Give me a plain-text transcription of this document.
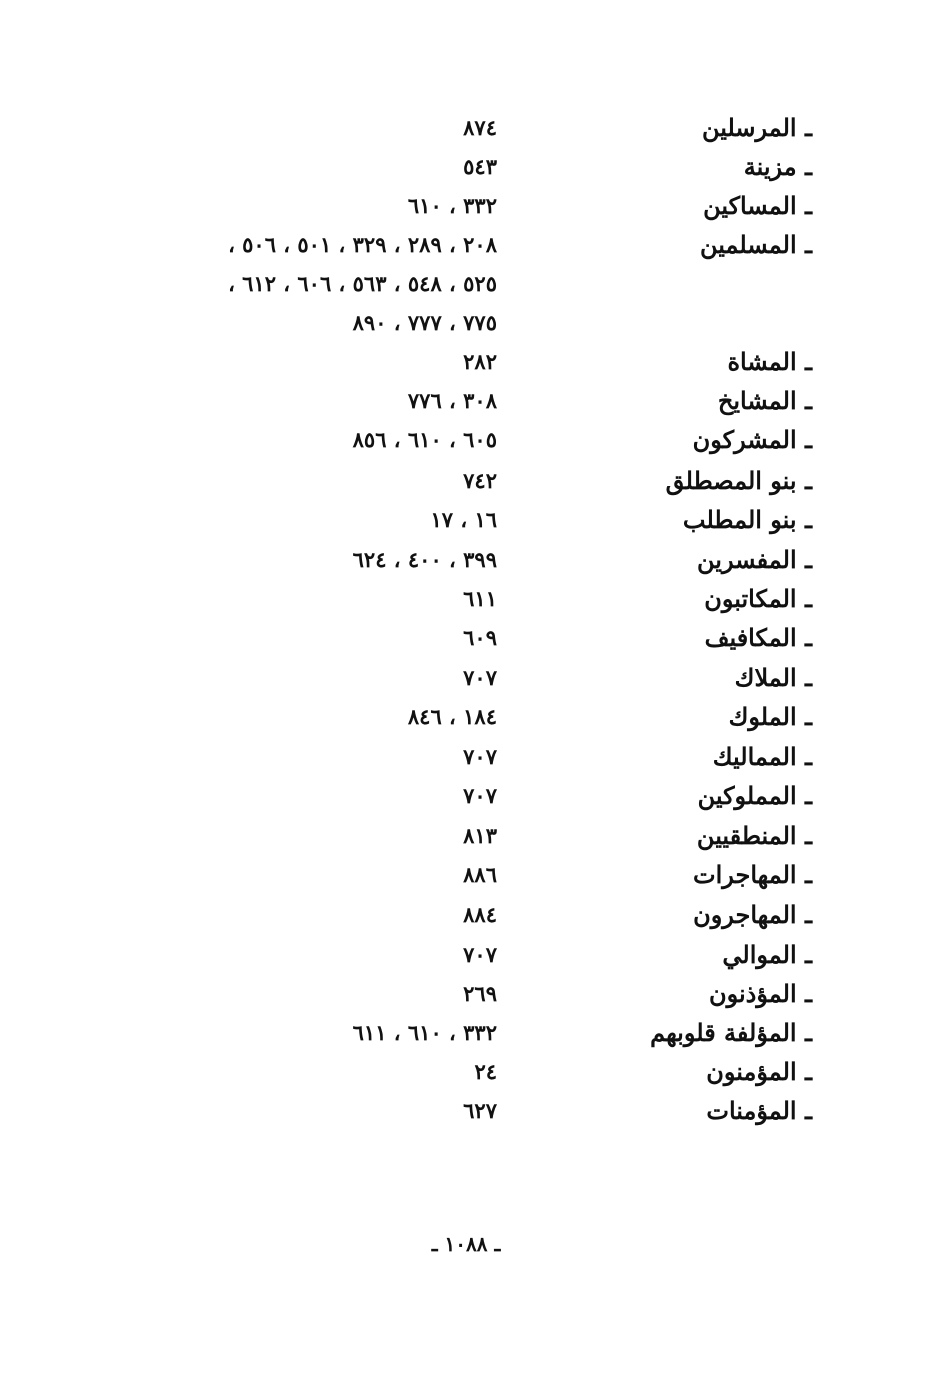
ـ المرسلين
٨٧٤
ـ مزينة
٥٤٣
ـ المساكين
٣٣٢ ، ٦١٠
ـ المسلمين
٢٠٨ ، ٢٨٩ ، ٣٢٩ ، ٥٠١ ، ٥٠٦ ،
٥٢٥ ، ٥٤٨ ، ٥٦٣ ، ٦٠٦ ، ٦١٢ ،
٧٧٥ ، ٧٧٧ ، ٨٩٠
ـ المشاة
٢٨٢
ـ المشايخ
٣٠٨ ، ٧٧٦
ـ المشركون
٦٠٥ ، ٦١٠ ، ٨٥٦
ـ بنو المصطلق
٧٤٢
ـ بنو المطلب
١٦ ، ١٧
ـ المفسرين
٣٩٩ ، ٤٠٠ ، ٦٢٤
ـ المكاتبون
٦١١
ـ المكافيف
٦٠٩
ـ الملاك
٧٠٧
ـ الملوك
١٨٤ ، ٨٤٦
ـ المماليك
٧٠٧
ـ المملوكين
٧٠٧
ـ المنطقيين
٨١٣
ـ المهاجرات
٨٨٦
ـ المهاجرون
٨٨٤
ـ الموالي
٧٠٧
ـ المؤذنون
٢٦٩
ـ المؤلفة قلوبهم
٣٣٢ ، ٦١٠ ، ٦١١
ـ المؤمنون
٢٤
ـ المؤمنات
٦٢٧
ـ ١٠٨٨ ـ
